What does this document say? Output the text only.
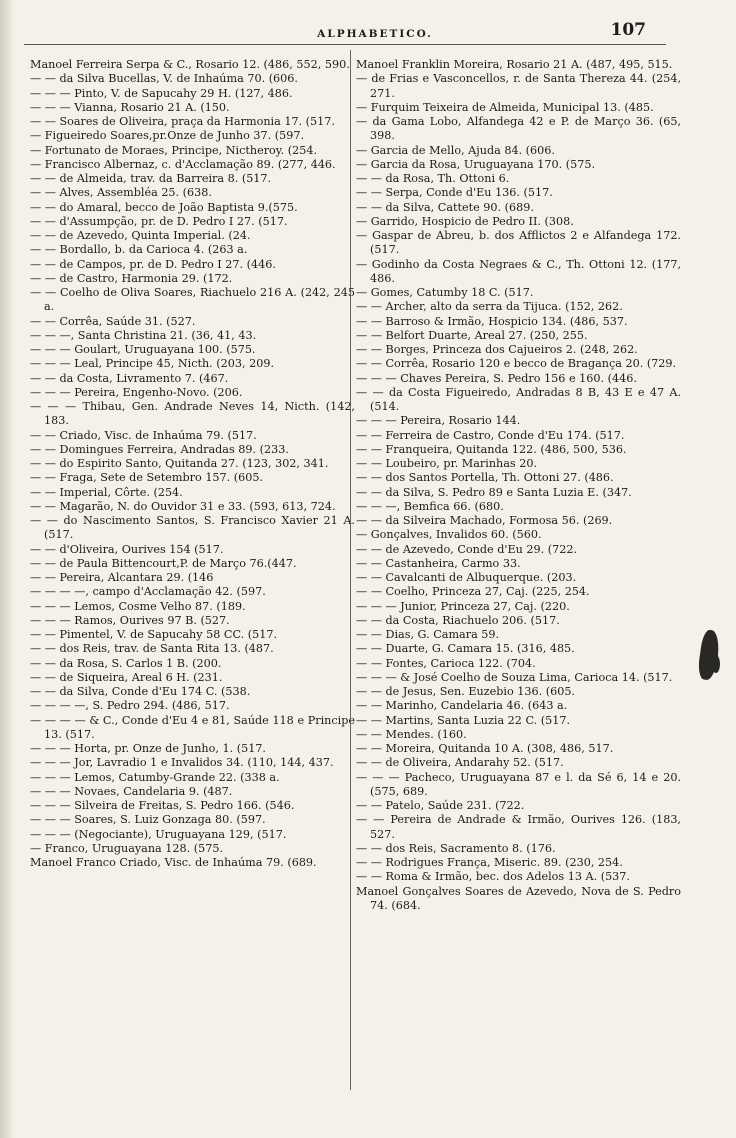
ALPHABETICO.	107

Manoel Ferreira Serpa & C., Rosario 12. (486, 552, 590.

— — da Silva Bucellas, V. de Inhaúma 70. (606.

— — — Pinto, V. de Sapucahy 29 H. (127, 486.

— — — Vianna, Rosario 21 A. (150.

— — Soares de Oliveira, praça da Harmonia 17. (517.

— Figueiredo Soares,pr.Onze de Junho 37. (597.

— Fortunato de Moraes, Principe, Nictheroy. (254.

— Francisco Albernaz, c. d'Acclamação 89. (277, 446.

— — de Almeida, trav. da Barreira 8. (517.

— — Alves, Assembléa 25. (638.

— — do Amaral, becco de João Baptista 9.(575.

— — d'Assumpção, pr. de D. Pedro I 27. (517.

— — de Azevedo, Quinta Imperial. (24.

— — Bordallo, b. da Carioca 4. (263 a.

— — de Campos, pr. de D. Pedro I 27. (446.

— — de Castro, Harmonia 29. (172.

— — Coelho de Oliva Soares, Riachuelo 216 A. (242, 245 a.

— — Corrêa, Saúde 31. (527.

— — —, Santa Christina 21. (36, 41, 43.

— — — Goulart, Uruguayana 100. (575.

— — — Leal, Principe 45, Nicth. (203, 209.

— — da Costa, Livramento 7. (467.

— — — Pereira, Engenho-Novo. (206.

— — — Thibau, Gen. Andrade Neves 14, Nicth. (142, 183.

— — Criado, Visc. de Inhaúma 79. (517.

— — Domingues Ferreira, Andradas 89. (233.

— — do Espirito Santo, Quitanda 27. (123, 302, 341.

— — Fraga, Sete de Setembro 157. (605.

— — Imperial, Côrte. (254.

— — Magarão, N. do Ouvidor 31 e 33. (593, 613, 724.

— — do Nascimento Santos, S. Francisco Xavier 21 A. (517.

— — d'Oliveira, Ourives 154 (517.

— — de Paula Bittencourt,P. de Março 76.(447.

— — Pereira, Alcantara 29. (146

— — — —, campo d'Acclamação 42. (597.

— — — Lemos, Cosme Velho 87. (189.

— — — Ramos, Ourives 97 B. (527.

— — Pimentel, V. de Sapucahy 58 CC. (517.

— — dos Reis, trav. de Santa Rita 13. (487.

— — da Rosa, S. Carlos 1 B. (200.

— — de Siqueira, Areal 6 H. (231.

— — da Silva, Conde d'Eu 174 C. (538.

— — — —, S. Pedro 294. (486, 517.

— — — — & C., Conde d'Eu 4 e 81, Saúde 118 e Principe 13. (517.

— — — Horta, pr. Onze de Junho, 1. (517.

— — — Jor, Lavradio 1 e Invalidos 34. (110, 144, 437.

— — — Lemos, Catumby-Grande 22. (338 a.

— — — Novaes, Candelaria 9. (487.

— — — Silveira de Freitas, S. Pedro 166. (546.

— — — Soares, S. Luiz Gonzaga 80. (597.

— — — (Negociante), Uruguayana 129, (517.

— Franco, Uruguayana 128. (575.

Manoel Franco Criado, Visc. de Inhaúma 79. (689.

Manoel Franklin Moreira, Rosario 21 A. (487, 495, 515.

— de Frias e Vasconcellos, r. de Santa Thereza 44. (254, 271.

— Furquim Teixeira de Almeida, Municipal 13. (485.

— da Gama Lobo, Alfandega 42 e P. de Março 36. (65, 398.

— Garcia de Mello, Ajuda 84. (606.

— Garcia da Rosa, Uruguayana 170. (575.

— — da Rosa, Th. Ottoni 6.

— — Serpa, Conde d'Eu 136. (517.

— — da Silva, Cattete 90. (689.

— Garrido, Hospicio de Pedro II. (308.

— Gaspar de Abreu, b. dos Afflictos 2 e Alfandega 172. (517.

— Godinho da Costa Negraes & C., Th. Ottoni 12. (177, 486.

— Gomes, Catumby 18 C. (517.

— — Archer, alto da serra da Tijuca. (152, 262.

— — Barroso & Irmão, Hospicio 134. (486, 537.

— — Belfort Duarte, Areal 27. (250, 255.

— — Borges, Princeza dos Cajueiros 2. (248, 262.

— — Corrêa, Rosario 120 e becco de Bragança 20. (729.

— — — Chaves Pereira, S. Pedro 156 e 160. (446.

— — da Costa Figueiredo, Andradas 8 B, 43 E e 47 A. (514.

— — — Pereira, Rosario 144.

— — Ferreira de Castro, Conde d'Eu 174. (517.

— — Franqueira, Quitanda 122. (486, 500, 536.

— — Loubeiro, pr. Marinhas 20.

— — dos Santos Portella, Th. Ottoni 27. (486.

— — da Silva, S. Pedro 89 e Santa Luzia E. (347.

— — —, Bemfica 66. (680.

— — da Silveira Machado, Formosa 56. (269.

— Gonçalves, Invalidos 60. (560.

— — de Azevedo, Conde d'Eu 29. (722.

— — Castanheira, Carmo 33.

— — Cavalcanti de Albuquerque. (203.

— — Coelho, Princeza 27, Caj. (225, 254.

— — — Junior, Princeza 27, Caj. (220.

— — da Costa, Riachuelo 206. (517.

— — Dias, G. Camara 59.

— — Duarte, G. Camara 15. (316, 485.

— — Fontes, Carioca 122. (704.

— — — & José Coelho de Souza Lima, Carioca 14. (517.

— — de Jesus, Sen. Euzebio 136. (605.

— — Marinho, Candelaria 46. (643 a.

— — Martins, Santa Luzia 22 C. (517.

— — Mendes. (160.

— — Moreira, Quitanda 10 A. (308, 486, 517.

— — de Oliveira, Andarahy 52. (517.

— — — Pacheco, Uruguayana 87 e l. da Sé 6, 14 e 20. (575, 689.

— — Patelo, Saúde 231. (722.

— — Pereira de Andrade & Irmão, Ourives 126. (183, 527.

— — dos Reis, Sacramento 8. (176.

— — Rodrigues França, Miseric. 89. (230, 254.

— — Roma & Irmão, bec. dos Adelos 13 A. (537.

Manoel Gonçalves Soares de Azevedo, Nova de S. Pedro 74. (684.
